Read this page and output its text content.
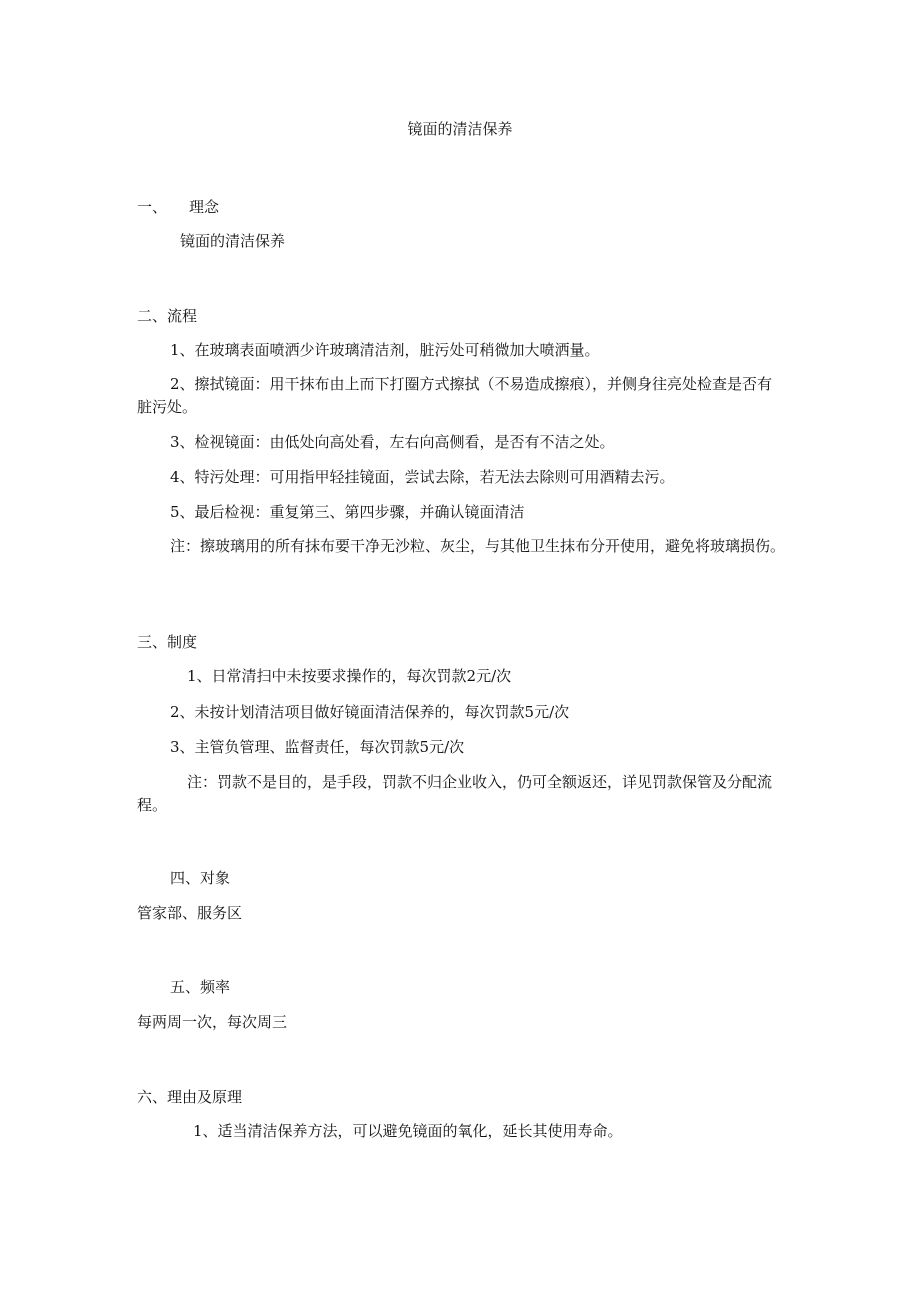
镜面的清洁保养
一、 理念
镜面的清洁保养
二、流程
1、在玻璃表面喷洒少许玻璃清洁剂，脏污处可稍微加大喷洒量。
2、擦拭镜面：用干抹布由上而下打圈方式擦拭（不易造成擦痕），并侧身往亮处检查是否有脏污处。
3、检视镜面：由低处向高处看，左右向高侧看，是否有不洁之处。
4、特污处理：可用指甲轻挂镜面，尝试去除，若无法去除则可用酒精去污。
5、最后检视：重复第三、第四步骤，并确认镜面清洁
注：擦玻璃用的所有抹布要干净无沙粒、灰尘，与其他卫生抹布分开使用，避免将玻璃损伤。
三、制度
1、日常清扫中未按要求操作的，每次罚款2元/次
2、未按计划清洁项目做好镜面清洁保养的，每次罚款5元/次
3、主管负管理、监督责任，每次罚款5元/次
注：罚款不是目的，是手段，罚款不归企业收入，仍可全额返还，详见罚款保管及分配流程。
四、对象
管家部、服务区
五、频率
每两周一次，每次周三
六、理由及原理
1、适当清洁保养方法，可以避免镜面的氧化，延长其使用寿命。
